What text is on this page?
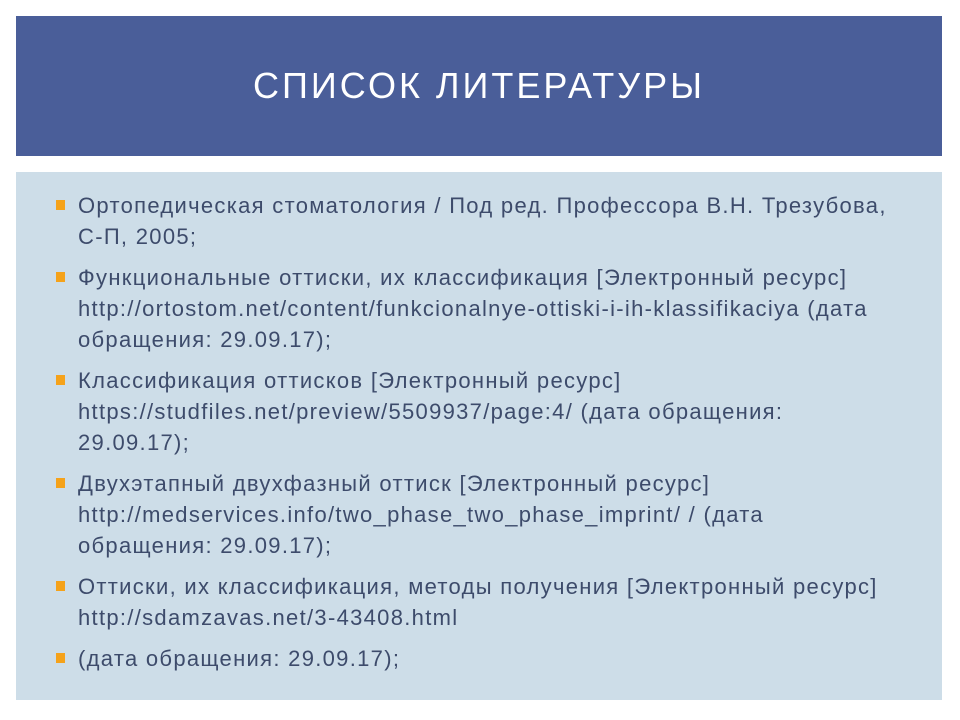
СПИСОК ЛИТЕРАТУРЫ
Ортопедическая стоматология / Под ред. Профессора В.Н. Трезубова, С-П, 2005;
Функциональные оттиски, их классификация [Электронный ресурс] http://ortostom.net/content/funkcionalnye-ottiski-i-ih-klassifikaciya (дата обращения: 29.09.17);
Классификация оттисков [Электронный ресурс] https://studfiles.net/preview/5509937/page:4/ (дата обращения: 29.09.17);
Двухэтапный двухфазный оттиск [Электронный ресурс] http://medservices.info/two_phase_two_phase_imprint/ / (дата обращения: 29.09.17);
Оттиски, их классификация, методы получения [Электронный ресурс] http://sdamzavas.net/3-43408.html
(дата обращения: 29.09.17);
